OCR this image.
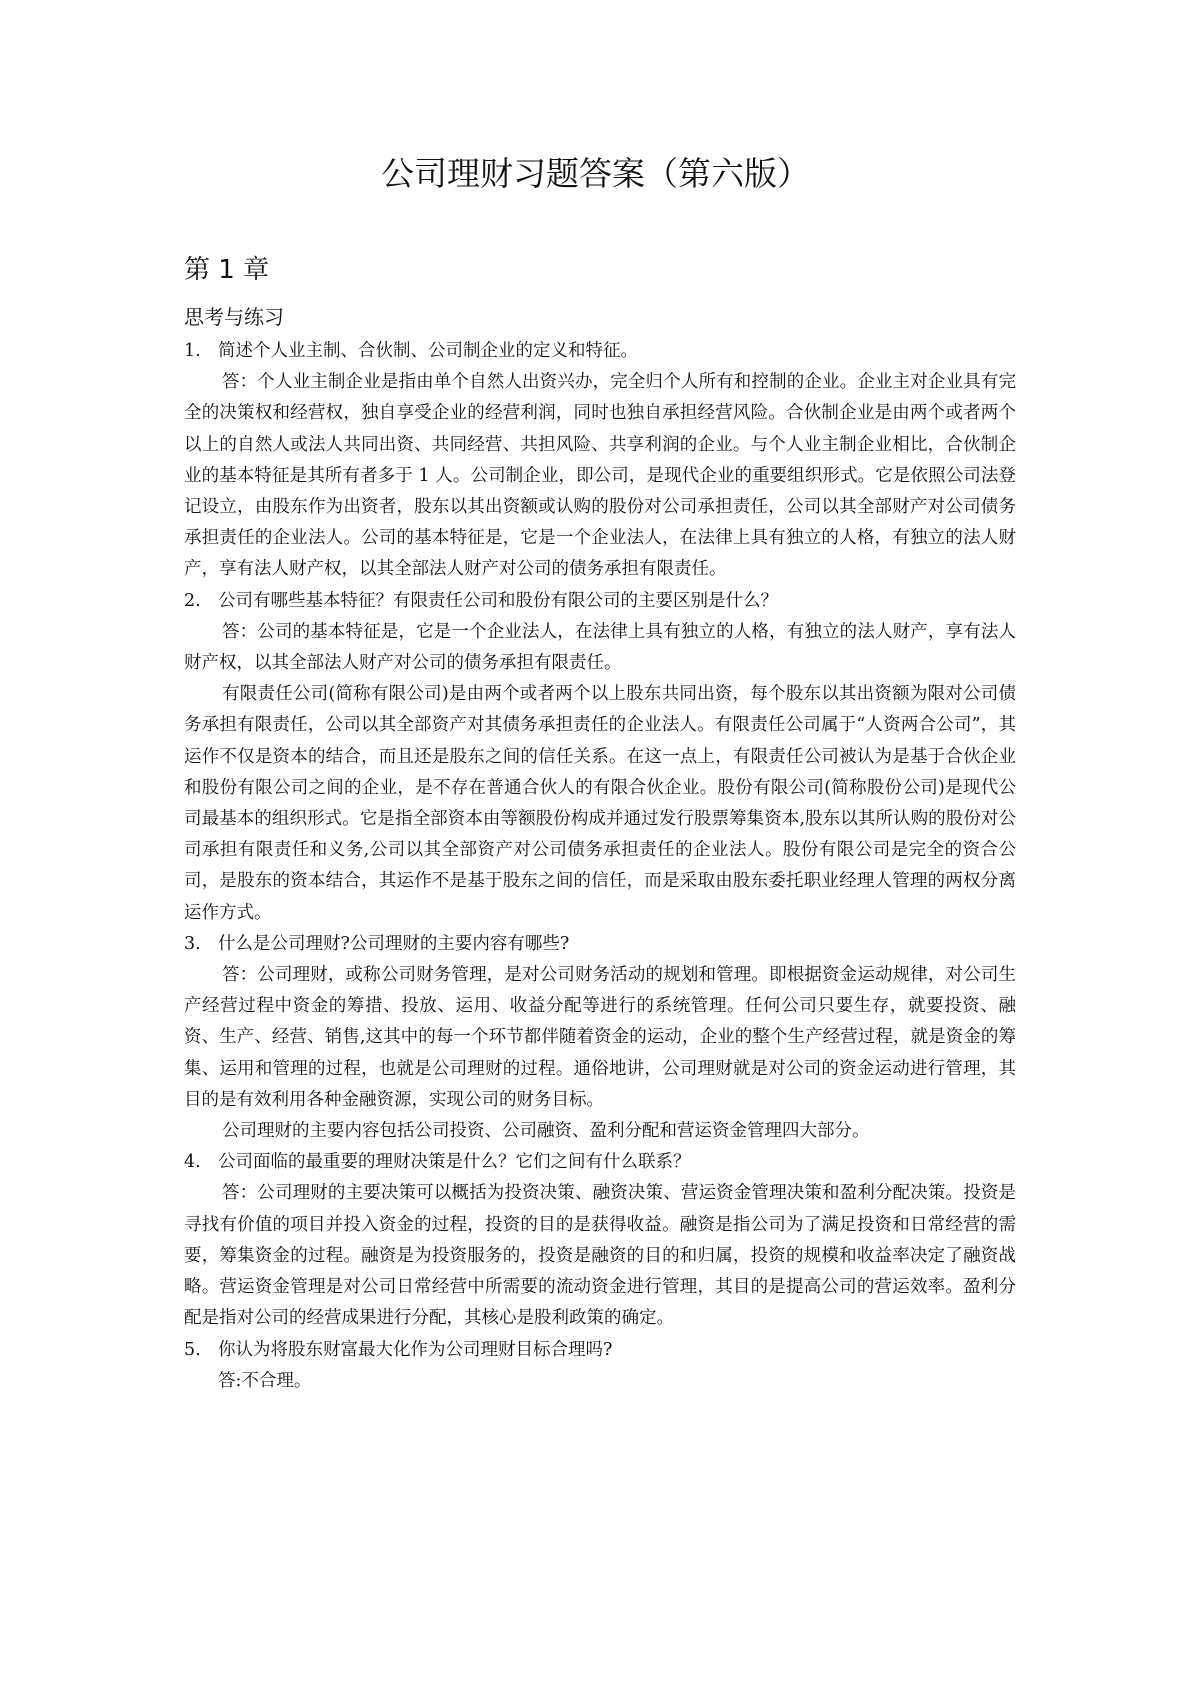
公司理财习题答案（第六版）
第 1 章
思考与练习
1. 简述个人业主制、合伙制、公司制企业的定义和特征。

答：个人业主制企业是指由单个自然人出资兴办，完全归个人所有和控制的企业。企业主对企业具有完全的决策权和经营权，独自享受企业的经营利润，同时也独自承担经营风险。合伙制企业是由两个或者两个以上的自然人或法人共同出资、共同经营、共担风险、共享利润的企业。与个人业主制企业相比，合伙制企业的基本特征是其所有者多于 1 人。公司制企业，即公司，是现代企业的重要组织形式。它是依照公司法登记设立，由股东作为出资者，股东以其出资额或认购的股份对公司承担责任，公司以其全部财产对公司债务承担责任的企业法人。公司的基本特征是，它是一个企业法人，在法律上具有独立的人格，有独立的法人财产，享有法人财产权，以其全部法人财产对公司的债务承担有限责任。

2. 公司有哪些基本特征？有限责任公司和股份有限公司的主要区别是什么？

答：公司的基本特征是，它是一个企业法人，在法律上具有独立的人格，有独立的法人财产，享有法人财产权，以其全部法人财产对公司的债务承担有限责任。

有限责任公司(简称有限公司)是由两个或者两个以上股东共同出资，每个股东以其出资额为限对公司债务承担有限责任，公司以其全部资产对其债务承担责任的企业法人。有限责任公司属于“人资两合公司”，其运作不仅是资本的结合，而且还是股东之间的信任关系。在这一点上，有限责任公司被认为是基于合伙企业和股份有限公司之间的企业，是不存在普通合伙人的有限合伙企业。股份有限公司(简称股份公司)是现代公司最基本的组织形式。它是指全部资本由等额股份构成并通过发行股票筹集资本,股东以其所认购的股份对公司承担有限责任和义务,公司以其全部资产对公司债务承担责任的企业法人。股份有限公司是完全的资合公司，是股东的资本结合，其运作不是基于股东之间的信任，而是采取由股东委托职业经理人管理的两权分离运作方式。

3. 什么是公司理财?公司理财的主要内容有哪些?

答：公司理财，或称公司财务管理，是对公司财务活动的规划和管理。即根据资金运动规律，对公司生产经营过程中资金的筹措、投放、运用、收益分配等进行的系统管理。任何公司只要生存，就要投资、融资、生产、经营、销售,这其中的每一个环节都伴随着资金的运动，企业的整个生产经营过程，就是资金的筹集、运用和管理的过程，也就是公司理财的过程。通俗地讲，公司理财就是对公司的资金运动进行管理，其目的是有效利用各种金融资源，实现公司的财务目标。

公司理财的主要内容包括公司投资、公司融资、盈利分配和营运资金管理四大部分。

4. 公司面临的最重要的理财决策是什么？它们之间有什么联系？

答：公司理财的主要决策可以概括为投资决策、融资决策、营运资金管理决策和盈利分配决策。投资是寻找有价值的项目并投入资金的过程，投资的目的是获得收益。融资是指公司为了满足投资和日常经营的需要，筹集资金的过程。融资是为投资服务的，投资是融资的目的和归属，投资的规模和收益率决定了融资战略。营运资金管理是对公司日常经营中所需要的流动资金进行管理，其目的是提高公司的营运效率。盈利分配是指对公司的经营成果进行分配，其核心是股利政策的确定。

5. 你认为将股东财富最大化作为公司理财目标合理吗?

答:不合理。
